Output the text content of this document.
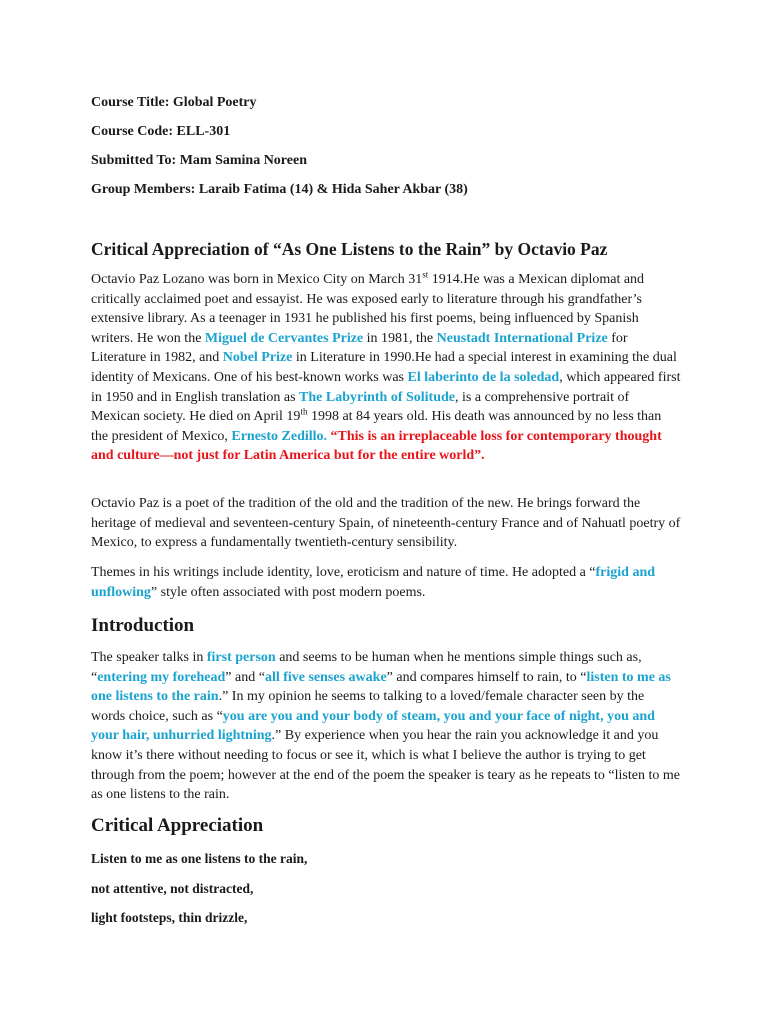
Course Title: Global Poetry
Course Code: ELL-301
Submitted To: Mam Samina Noreen
Group Members: Laraib Fatima (14) & Hida Saher Akbar (38)
Critical Appreciation of “As One Listens to the Rain” by Octavio Paz
Octavio Paz Lozano was born in Mexico City on March 31st 1914.He was a Mexican diplomat and critically acclaimed poet and essayist. He was exposed early to literature through his grandfather’s extensive library. As a teenager in 1931 he published his first poems, being influenced by Spanish writers. He won the Miguel de Cervantes Prize in 1981, the Neustadt International Prize for Literature in 1982, and Nobel Prize in Literature in 1990.He had a special interest in examining the dual identity of Mexicans. One of his best-known works was El laberinto de la soledad, which appeared first in 1950 and in English translation as The Labyrinth of Solitude, is a comprehensive portrait of Mexican society. He died on April 19th 1998 at 84 years old. His death was announced by no less than the president of Mexico, Ernesto Zedillo. “This is an irreplaceable loss for contemporary thought and culture—not just for Latin America but for the entire world”.
Octavio Paz is a poet of the tradition of the old and the tradition of the new. He brings forward the heritage of medieval and seventeen-century Spain, of nineteenth-century France and of Nahuatl poetry of Mexico, to express a fundamentally twentieth-century sensibility.
Themes in his writings include identity, love, eroticism and nature of time. He adopted a “frigid and unflowing” style often associated with post modern poems.
Introduction
The speaker talks in first person and seems to be human when he mentions simple things such as, “entering my forehead” and “all five senses awake” and compares himself to rain, to “listen to me as one listens to the rain.” In my opinion he seems to talking to a loved/female character seen by the words choice, such as “you are you and your body of steam, you and your face of night, you and your hair, unhurried lightning.” By experience when you hear the rain you acknowledge it and you know it’s there without needing to focus or see it, which is what I believe the author is trying to get through from the poem; however at the end of the poem the speaker is teary as he repeats to “listen to me as one listens to the rain.
Critical Appreciation
Listen to me as one listens to the rain,
not attentive, not distracted,
light footsteps, thin drizzle,
